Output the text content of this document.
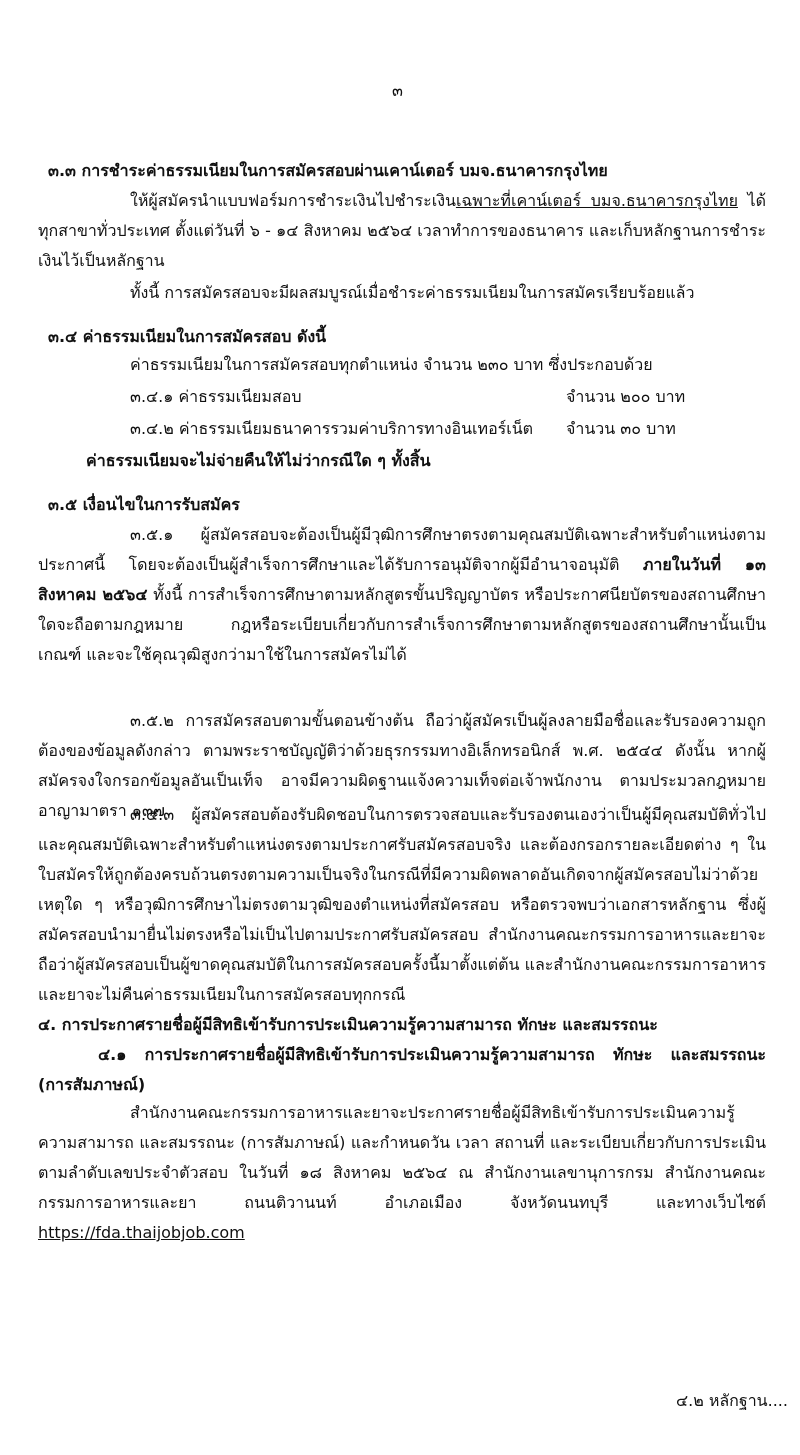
๓
๓.๓ การชำระค่าธรรมเนียมในการสมัครสอบผ่านเคาน์เตอร์ บมจ.ธนาคารกรุงไทย
ให้ผู้สมัครนำแบบฟอร์มการชำระเงินไปชำระเงินเฉพาะที่เคาน์เตอร์ บมจ.ธนาคารกรุงไทย ได้ทุกสาขาทั่วประเทศ ตั้งแต่วันที่ ๖ - ๑๔ สิงหาคม ๒๕๖๔ เวลาทำการของธนาคาร และเก็บหลักฐานการชำระเงินไว้เป็นหลักฐาน
ทั้งนี้ การสมัครสอบจะมีผลสมบูรณ์เมื่อชำระค่าธรรมเนียมในการสมัครเรียบร้อยแล้ว
๓.๔ ค่าธรรมเนียมในการสมัครสอบ ดังนี้
ค่าธรรมเนียมในการสมัครสอบทุกตำแหน่ง จำนวน ๒๓๐ บาท ซึ่งประกอบด้วย
๓.๔.๑ ค่าธรรมเนียมสอบ	จำนวน ๒๐๐ บาท
๓.๔.๒ ค่าธรรมเนียมธนาคารรวมค่าบริการทางอินเทอร์เน็ต จำนวน ๓๐ บาท
ค่าธรรมเนียมจะไม่จ่ายคืนให้ไม่ว่ากรณีใด ๆ ทั้งสิ้น
๓.๕ เงื่อนไขในการรับสมัคร
๓.๕.๑ ผู้สมัครสอบจะต้องเป็นผู้มีวุฒิการศึกษาตรงตามคุณสมบัติเฉพาะสำหรับตำแหน่งตามประกาศนี้ โดยจะต้องเป็นผู้สำเร็จการศึกษาและได้รับการอนุมัติจากผู้มีอำนาจอนุมัติ ภายในวันที่ ๑๓ สิงหาคม ๒๕๖๔ ทั้งนี้ การสำเร็จการศึกษาตามหลักสูตรขั้นปริญญาบัตร หรือประกาศนียบัตรของสถานศึกษาใดจะถือตามกฎหมาย กฎหรือระเบียบเกี่ยวกับการสำเร็จการศึกษาตามหลักสูตรของสถานศึกษานั้นเป็นเกณฑ์ และจะใช้คุณวุฒิสูงกว่ามาใช้ในการสมัครไม่ได้
๓.๕.๒ การสมัครสอบตามขั้นตอนข้างต้น ถือว่าผู้สมัครเป็นผู้ลงลายมือชื่อและรับรองความถูกต้องของข้อมูลดังกล่าว ตามพระราชบัญญัติว่าด้วยธุรกรรมทางอิเล็กทรอนิกส์ พ.ศ. ๒๕๔๔ ดังนั้น หากผู้สมัครจงใจกรอกข้อมูลอันเป็นเท็จ อาจมีความผิดฐานแจ้งความเท็จต่อเจ้าพนักงาน ตามประมวลกฎหมายอาญามาตรา ๑๓๗
๓.๕.๓ ผู้สมัครสอบต้องรับผิดชอบในการตรวจสอบและรับรองตนเองว่าเป็นผู้มีคุณสมบัติทั่วไปและคุณสมบัติเฉพาะสำหรับตำแหน่งตรงตามประกาศรับสมัครสอบจริง และต้องกรอกรายละเอียดต่าง ๆ ในใบสมัครให้ถูกต้องครบถ้วนตรงตามความเป็นจริงในกรณีที่มีความผิดพลาดอันเกิดจากผู้สมัครสอบไม่ว่าด้วยเหตุใด ๆ หรือวุฒิการศึกษาไม่ตรงตามวุฒิของตำแหน่งที่สมัครสอบ หรือตรวจพบว่าเอกสารหลักฐาน ซึ่งผู้สมัครสอบนำมายื่นไม่ตรงหรือไม่เป็นไปตามประกาศรับสมัครสอบ สำนักงานคณะกรรมการอาหารและยาจะถือว่าผู้สมัครสอบเป็นผู้ขาดคุณสมบัติในการสมัครสอบครั้งนี้มาตั้งแต่ต้น และสำนักงานคณะกรรมการอาหารและยาจะไม่คืนค่าธรรมเนียมในการสมัครสอบทุกกรณี
๔. การประกาศรายชื่อผู้มีสิทธิเข้ารับการประเมินความรู้ความสามารถ ทักษะ และสมรรถนะ
๔.๑ การประกาศรายชื่อผู้มีสิทธิเข้ารับการประเมินความรู้ความสามารถ ทักษะ และสมรรถนะ (การสัมภาษณ์)
สำนักงานคณะกรรมการอาหารและยาจะประกาศรายชื่อผู้มีสิทธิเข้ารับการประเมินความรู้ความสามารถ และสมรรถนะ (การสัมภาษณ์) และกำหนดวัน เวลา สถานที่ และระเบียบเกี่ยวกับการประเมินตามลำดับเลขประจำตัวสอบ ในวันที่ ๑๘ สิงหาคม ๒๕๖๔ ณ สำนักงานเลขานุการกรม สำนักงานคณะกรรมการอาหารและยา ถนนติวานนท์ อำเภอเมือง จังหวัดนนทบุรี และทางเว็บไซต์ https://fda.thaijobjob.com
๔.๒ หลักฐาน....
